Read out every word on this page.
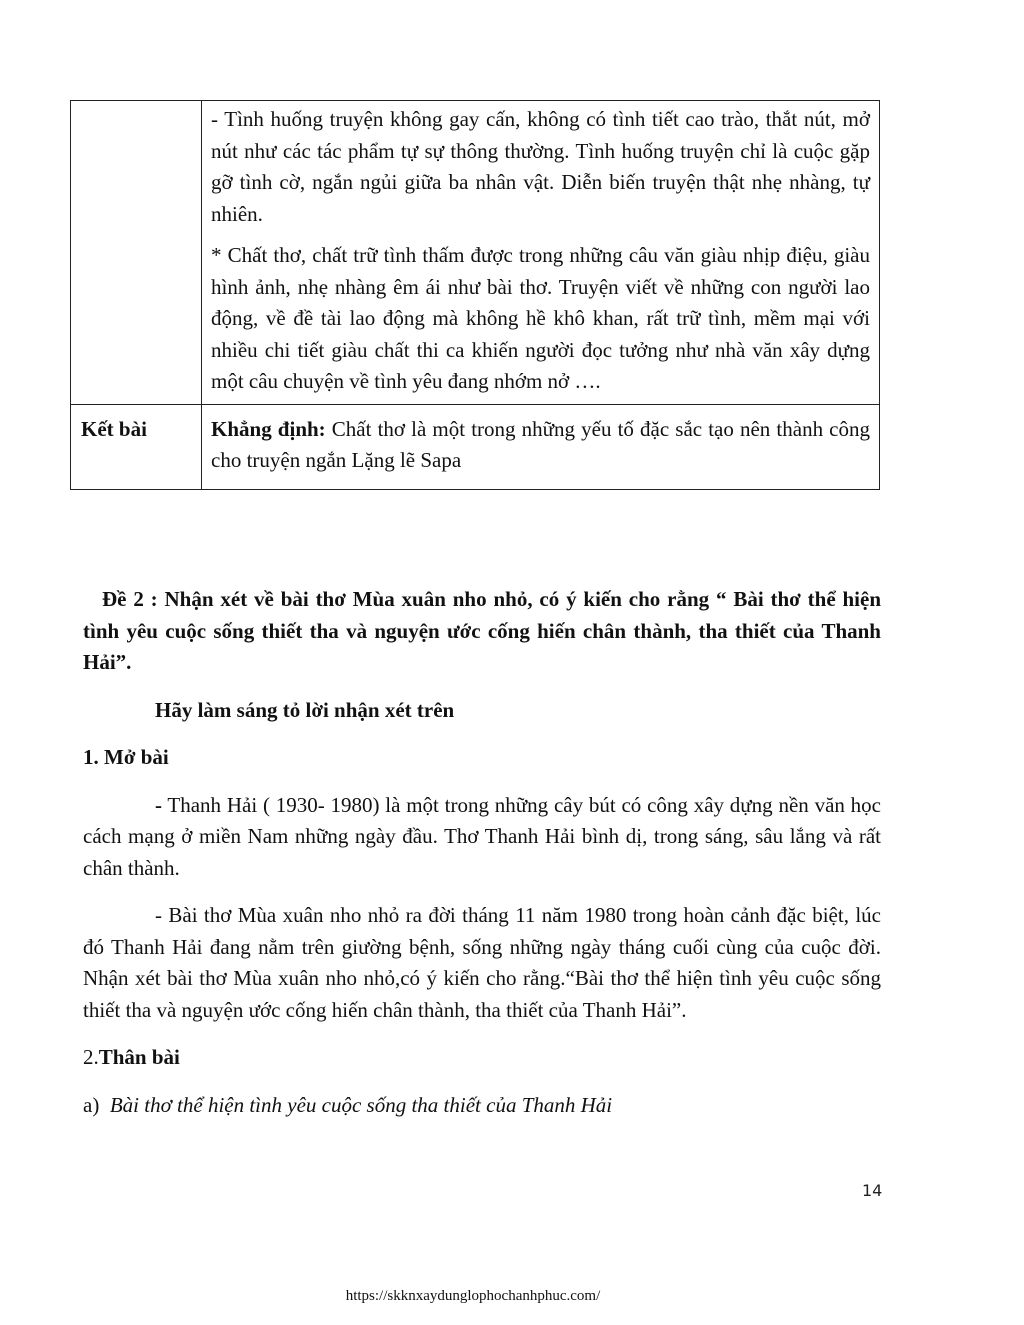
	- Tình huống truyện không gay cấn, không có tình tiết cao trào, thắt nút, mở nút như các tác phẩm tự sự thông thường. Tình huống truyện chỉ là cuộc gặp gỡ tình cờ, ngắn ngủi giữa ba nhân vật. Diễn biến truyện thật nhẹ nhàng, tự nhiên.

* Chất thơ, chất trữ tình thấm được trong những câu văn giàu nhịp điệu, giàu hình ảnh, nhẹ nhàng êm ái như bài thơ. Truyện viết về những con người lao động, về đề tài lao động mà không hề khô khan, rất trữ tình, mềm mại với nhiều chi tiết giàu chất thi ca khiến người đọc tưởng như nhà văn xây dựng một câu chuyện về tình yêu đang nhớm nở ….

Kết bài	Khẳng định: Chất thơ là một trong những yếu tố đặc sắc tạo nên thành công cho truyện ngắn Lặng lẽ Sapa

Đề 2 : Nhận xét về bài thơ Mùa xuân nho nhỏ, có ý kiến cho rằng “ Bài thơ thể hiện tình yêu cuộc sống thiết tha và nguyện ước cống hiến chân thành, tha thiết của Thanh Hải”.

Hãy làm sáng tỏ lời nhận xét trên

1. Mở bài

- Thanh Hải ( 1930- 1980) là một trong những cây bút có công xây dựng nền văn học cách mạng ở miền Nam những ngày đầu. Thơ Thanh Hải bình dị, trong sáng, sâu lắng và rất chân thành.

- Bài thơ Mùa xuân nho nhỏ ra đời tháng 11 năm 1980 trong hoàn cảnh đặc biệt, lúc đó Thanh Hải đang nằm trên giường bệnh, sống những ngày tháng cuối cùng của cuộc đời. Nhận xét bài thơ Mùa xuân nho nhỏ,có ý kiến cho rằng.“Bài thơ thể hiện tình yêu cuộc sống thiết tha và nguyện ước cống hiến chân thành, tha thiết của Thanh Hải”.

2.Thân bài

a) Bài thơ thể hiện tình yêu cuộc sống tha thiết của Thanh Hải

14
https://skknxaydunglophochanhphuc.com/
